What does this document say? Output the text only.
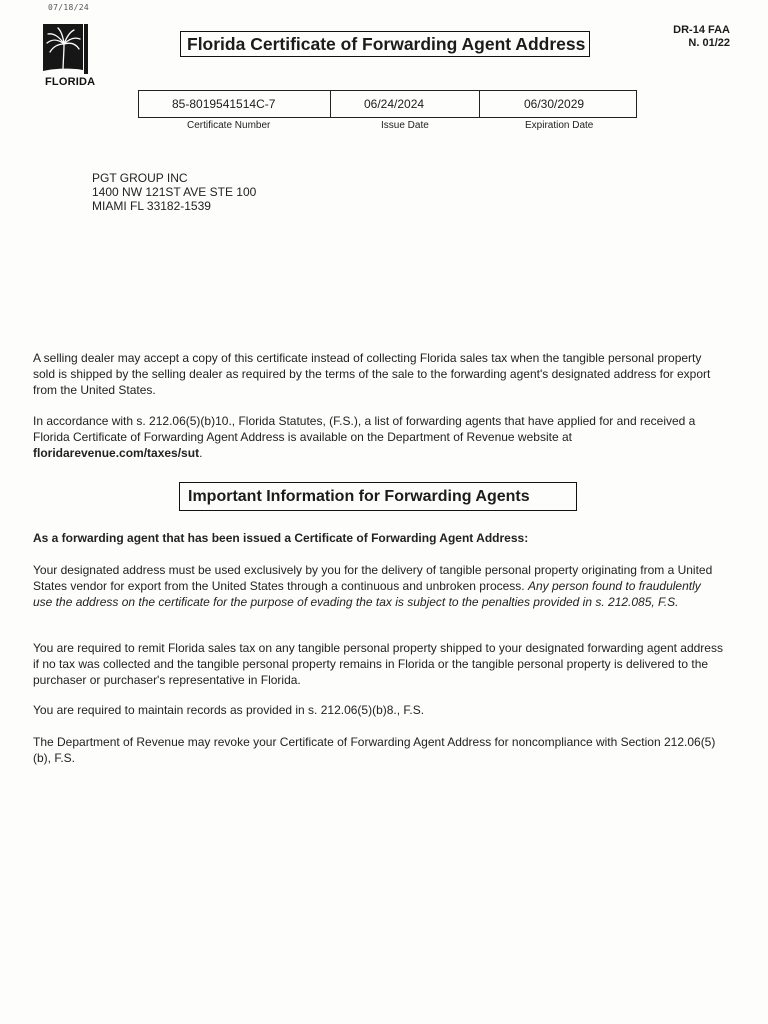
07/18/24
FLORIDA
Florida Certificate of Forwarding Agent Address
DR-14 FAA
N. 01/22
85-8019541514C-7	06/24/2024	06/30/2029
Certificate Number	Issue Date	Expiration Date
PGT GROUP INC
1400 NW 121ST AVE STE 100
MIAMI FL 33182-1539
A selling dealer may accept a copy of this certificate instead of collecting Florida sales tax when the tangible personal property sold is shipped by the selling dealer as required by the terms of the sale to the forwarding agent's designated address for export from the United States.
In accordance with s. 212.06(5)(b)10., Florida Statutes, (F.S.), a list of forwarding agents that have applied for and received a Florida Certificate of Forwarding Agent Address is available on the Department of Revenue website at floridarevenue.com/taxes/sut.
Important Information for Forwarding Agents
As a forwarding agent that has been issued a Certificate of Forwarding Agent Address:
Your designated address must be used exclusively by you for the delivery of tangible personal property originating from a United States vendor for export from the United States through a continuous and unbroken process. Any person found to fraudulently use the address on the certificate for the purpose of evading the tax is subject to the penalties provided in s. 212.085, F.S.
You are required to remit Florida sales tax on any tangible personal property shipped to your designated forwarding agent address if no tax was collected and the tangible personal property remains in Florida or the tangible personal property is delivered to the purchaser or purchaser's representative in Florida.
You are required to maintain records as provided in s. 212.06(5)(b)8., F.S.
The Department of Revenue may revoke your Certificate of Forwarding Agent Address for noncompliance with Section 212.06(5)(b), F.S.
